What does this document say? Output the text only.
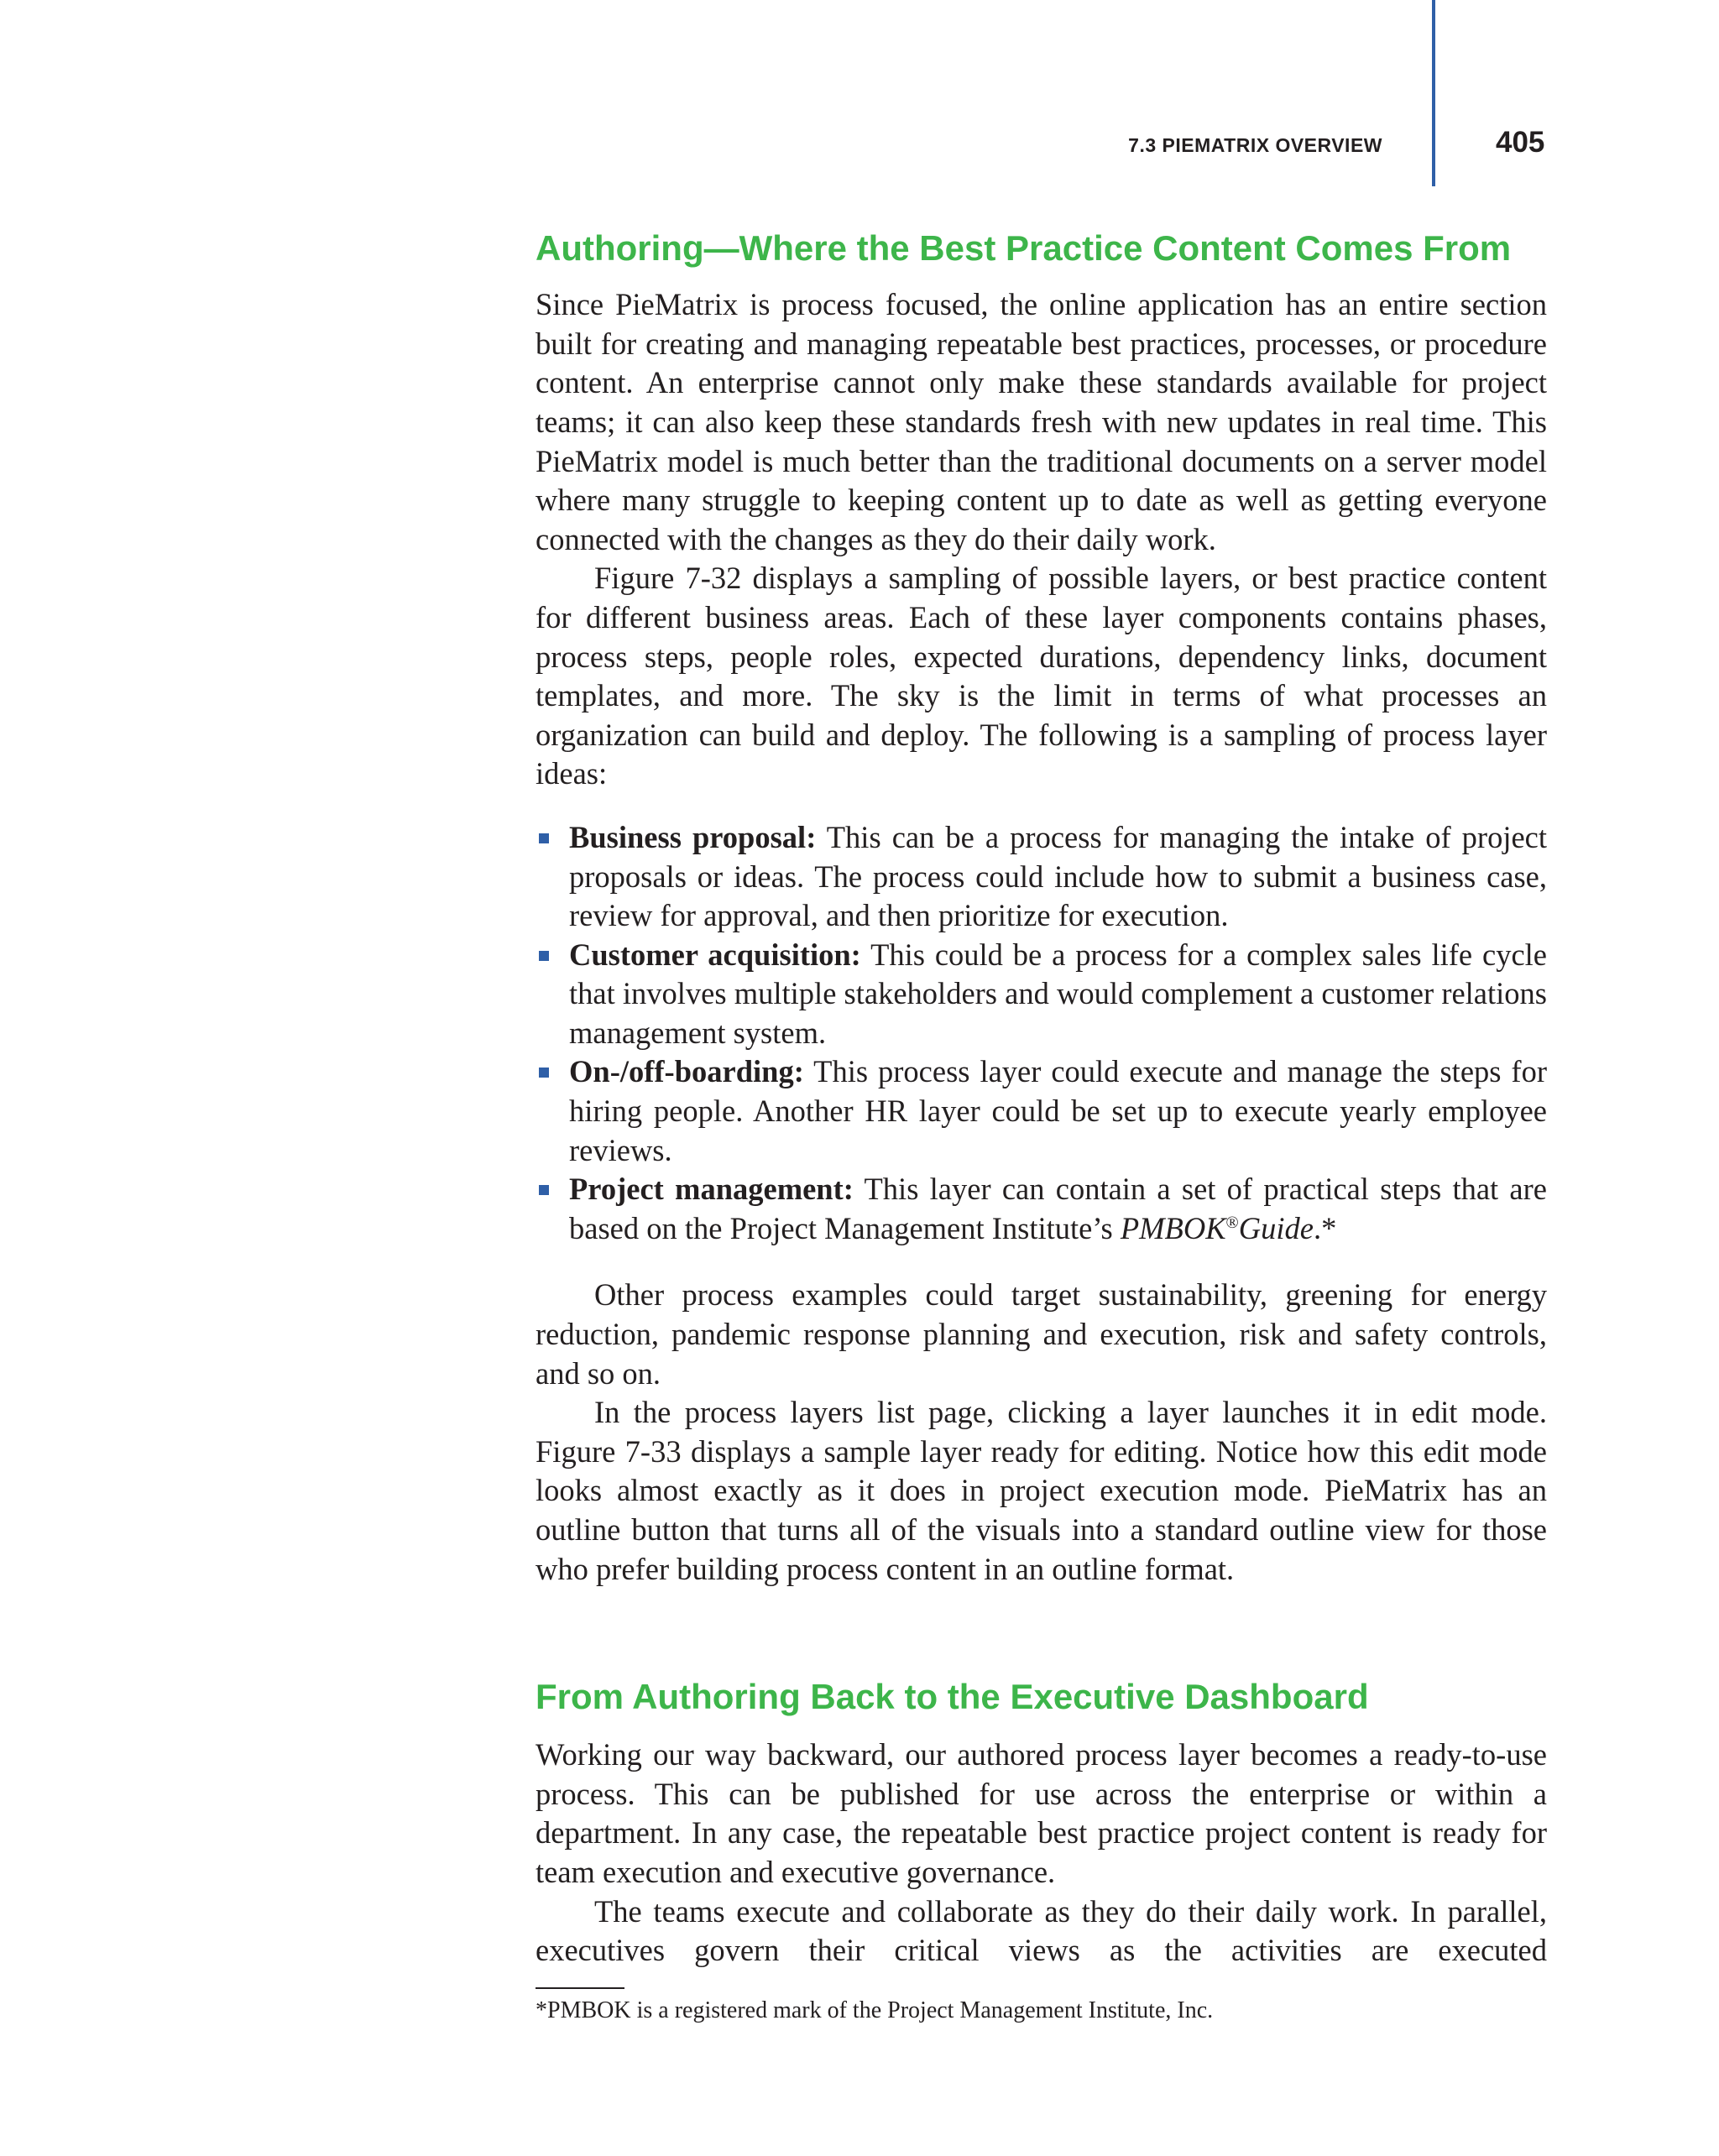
7.3 PIEMATRIX OVERVIEW	405
Authoring—Where the Best Practice Content Comes From

Since PieMatrix is process focused, the online application has an entire section built for creating and managing repeatable best practices, processes, or procedure content. An enterprise cannot only make these standards available for project teams; it can also keep these standards fresh with new updates in real time. This PieMatrix model is much better than the traditional documents on a server model where many struggle to keeping content up to date as well as getting everyone connected with the changes as they do their daily work.

Figure 7-32 displays a sampling of possible layers, or best practice content for different business areas. Each of these layer components contains phases, process steps, people roles, expected durations, dependency links, document templates, and more. The sky is the limit in terms of what processes an organization can build and deploy. The following is a sampling of process layer ideas:

Business proposal: This can be a process for managing the intake of project proposals or ideas. The process could include how to submit a business case, review for approval, and then prioritize for execution.
Customer acquisition: This could be a process for a complex sales life cycle that involves multiple stakeholders and would complement a customer relations management system.
On-/off-boarding: This process layer could execute and manage the steps for hiring people. Another HR layer could be set up to execute yearly employee reviews.
Project management: This layer can contain a set of practical steps that are based on the Project Management Institute’s PMBOK®Guide.*

Other process examples could target sustainability, greening for energy reduction, pandemic response planning and execution, risk and safety controls, and so on.

In the process layers list page, clicking a layer launches it in edit mode. Figure 7-33 displays a sample layer ready for editing. Notice how this edit mode looks almost exactly as it does in project execution mode. PieMatrix has an outline button that turns all of the visuals into a standard outline view for those who prefer building process content in an outline format.

From Authoring Back to the Executive Dashboard

Working our way backward, our authored process layer becomes a ready-to-use process. This can be published for use across the enterprise or within a department. In any case, the repeatable best practice project content is ready for team execution and executive governance.

The teams execute and collaborate as they do their daily work. In parallel, executives govern their critical views as the activities are executed

*PMBOK is a registered mark of the Project Management Institute, Inc.
